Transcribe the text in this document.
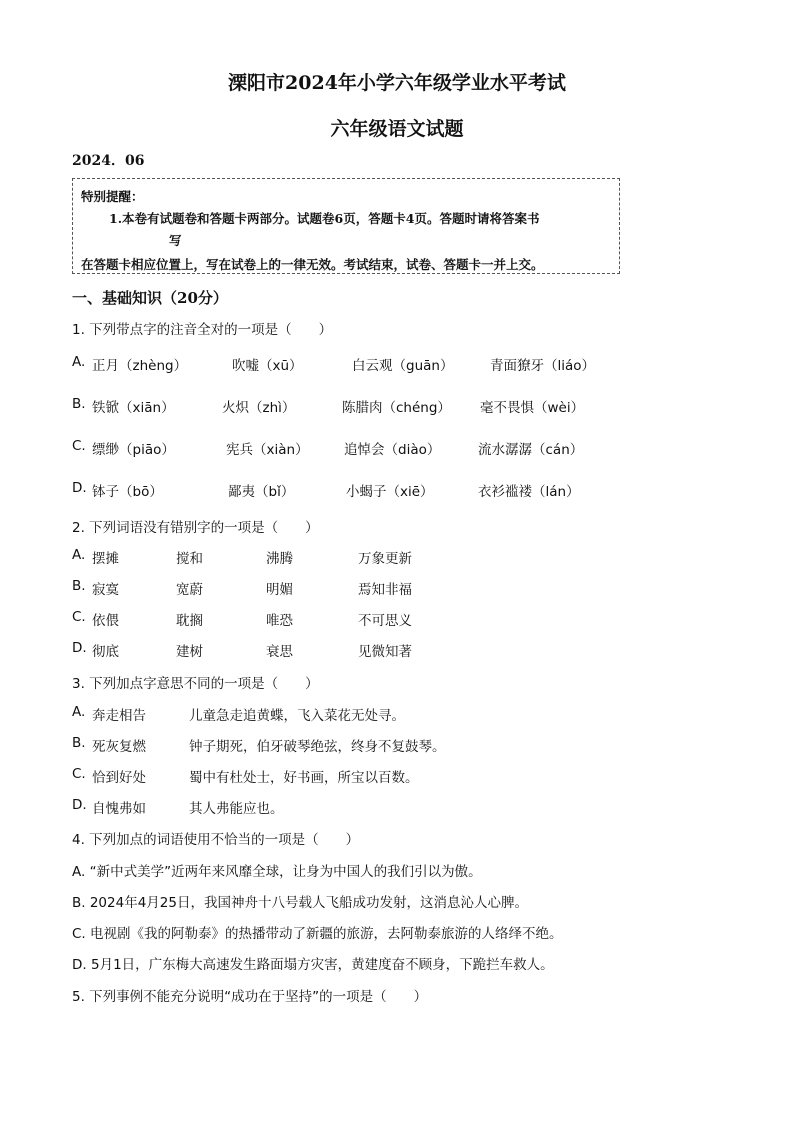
溧阳市2024年小学六年级学业水平考试
六年级语文试题
2024．06
特别提醒：
1.本卷有试题卷和答题卡两部分。试题卷6页，答题卡4页。答题时请将答案书
写
在答题卡相应位置上，写在试卷上的一律无效。考试结束，试卷、答题卡一并上交。
一、基础知识（20分）
1. 下列带点字的注音全对的一项是（　　）
A. 正月（zhèng）	吹嘘（xū）	白云观（guān）	青面獠牙（liáo）
B. 铁锨（xiān）	火炽（zhì）	陈腊肉（chéng） 毫不畏惧（wèi）
C. 缥缈（piāo）	宪兵（xiàn）	追悼会（diào）	流水潺潺（cán）
D. 钵子（bō）	鄙夷（bǐ）	小蝎子（xiē）	衣衫褴褛（lán）
2. 下列词语没有错别字的一项是（　　）
A. 摆摊	搅和	沸腾	万象更新
B. 寂寞	宽蔚	明媚	焉知非福
C. 依偎	耽搁	唯恐	不可思义
D. 彻底	建树	衰思	见微知著
3. 下列加点字意思不同的一项是（　　）
A. 奔走相告	儿童急走追黄蝶，飞入菜花无处寻。
B. 死灰复燃	钟子期死，伯牙破琴绝弦，终身不复鼓琴。
C. 恰到好处	蜀中有杜处士，好书画，所宝以百数。
D. 自愧弗如	其人弗能应也。
4. 下列加点的词语使用不恰当的一项是（　　）
A. “新中式美学”近两年来风靡全球，让身为中国人的我们引以为傲。
B. 2024年4月25日，我国神舟十八号载人飞船成功发射，这消息沁人心脾。
C. 电视剧《我的阿勒泰》的热播带动了新疆的旅游，去阿勒泰旅游的人络绎不绝。
D. 5月1日，广东梅大高速发生路面塌方灾害，黄建度奋不顾身，下跪拦车救人。
5. 下列事例不能充分说明“成功在于坚持”的一项是（　　）
